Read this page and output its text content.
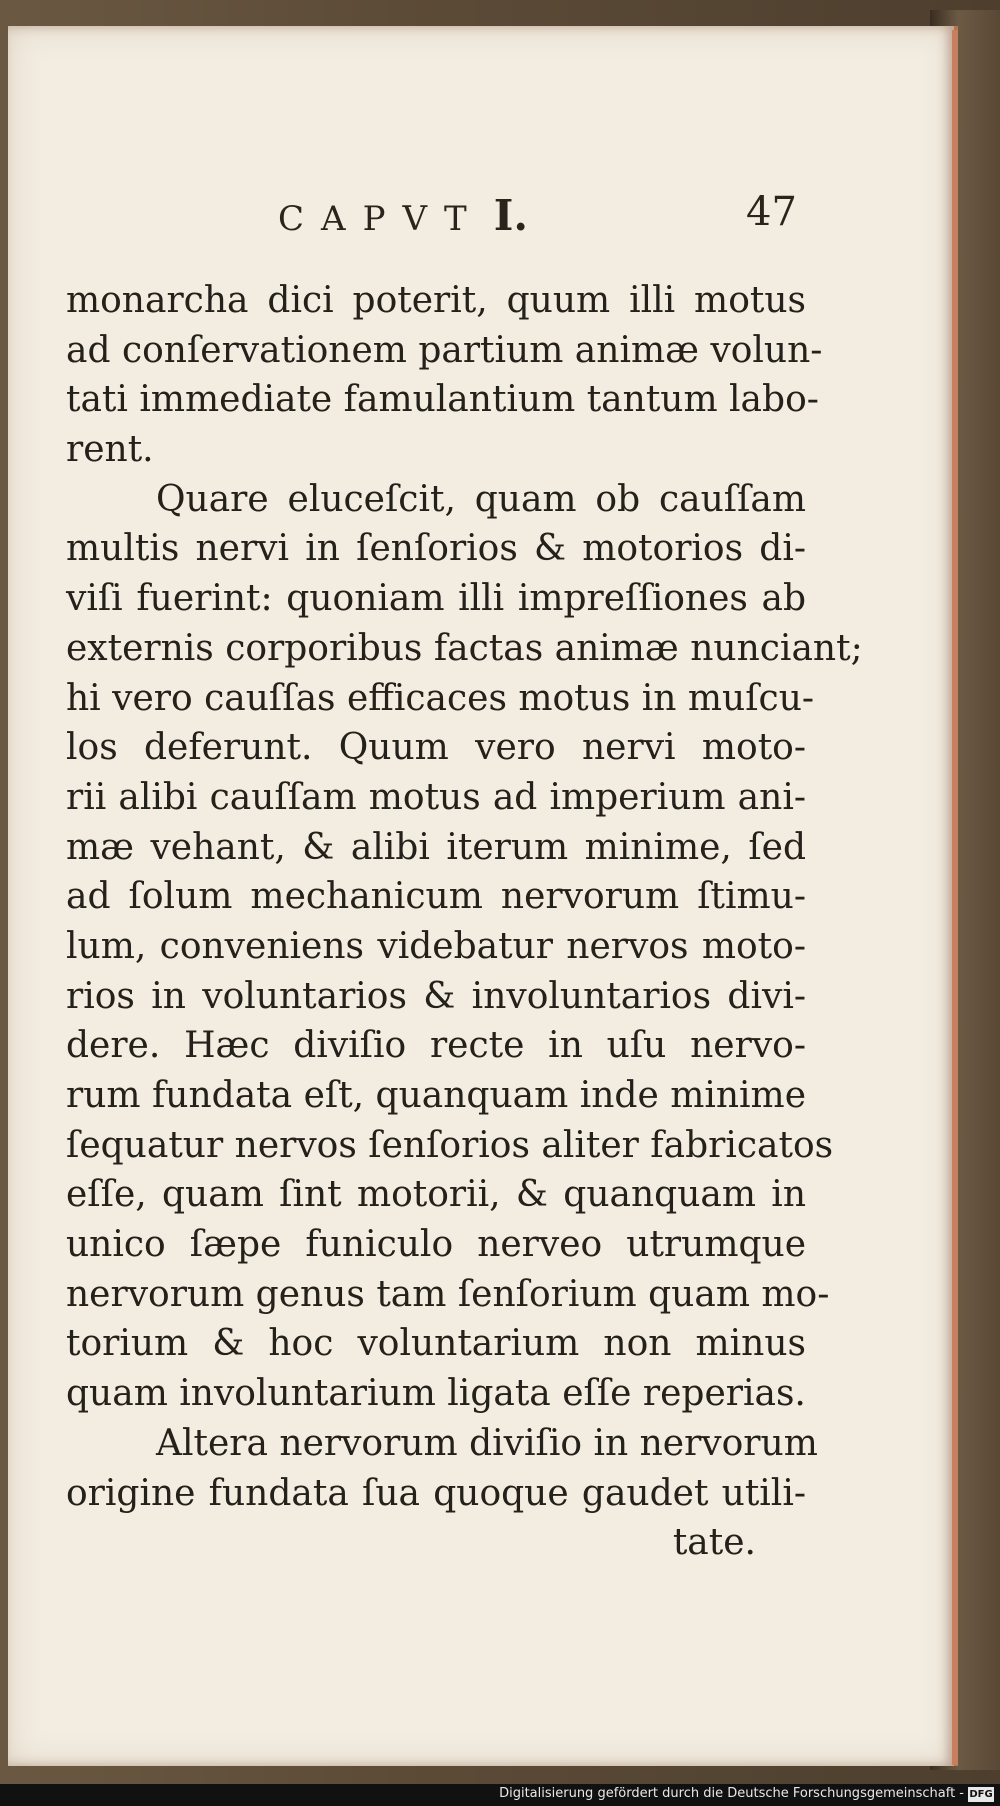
CAPVT I.	47
monarcha dici poterit, quum illi motus
ad conſervationem partium animæ volun-
tati immediate famulantium tantum labo-
rent.
Quare elucеſcit, quam ob cauſſam
multis nervi in ſenſorios & motorios di-
viſi fuerint: quoniam illi impreſſiones ab
externis corporibus factas animæ nunciant;
hi vero cauſſas efficaces motus in muſcu-
los deferunt. Quum vero nervi moto-
rii alibi cauſſam motus ad imperium ani-
mæ vehant, & alibi iterum minime, ſed
ad ſolum mechanicum nervorum ſtimu-
lum, conveniens videbatur nervos moto-
rios in voluntarios & involuntarios divi-
dere. Hæc diviſio recte in uſu nervo-
rum fundata eſt, quanquam inde minime
ſequatur nervos ſenſorios aliter fabricatos
eſſe, quam ſint motorii, & quanquam in
unico ſæpe funiculo nerveo utrumque
nervorum genus tam ſenſorium quam mo-
torium & hoc voluntarium non minus
quam involuntarium ligata eſſe reperias.
Altera nervorum diviſio in nervorum
origine fundata ſua quoque gaudet utili-
tate.
Digitalisierung gefördert durch die Deutsche Forschungsgemeinschaft - DFG
